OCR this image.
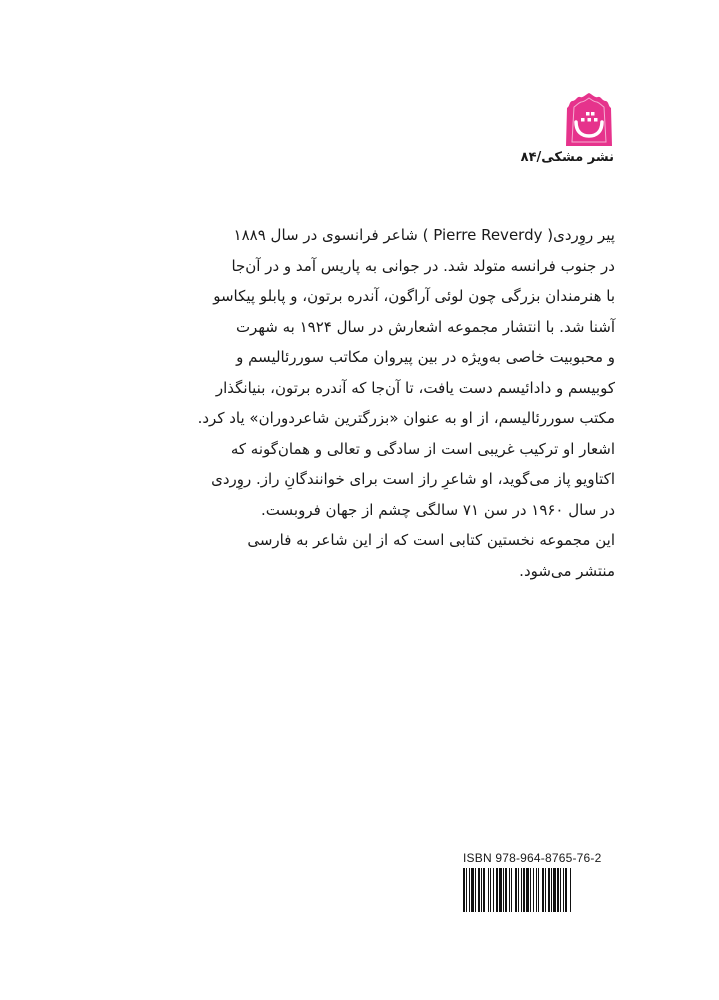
نشر مشکی/۸۴
پیر روِردی( Pierre Reverdy ) شاعر فرانسوی در سال ۱۸۸۹
در جنوب فرانسه متولد شد. در جوانی به پاریس آمد و در آن‌جا
با هنرمندان بزرگی چون لوئی آراگون، آندره برتون، و پابلو پیکاسو
آشنا شد. با انتشار مجموعه اشعارش در سال ۱۹۲۴ به شهرت
و محبوبیت خاصی به‌ویژه در بین پیروان مکاتب سوررئالیسم و
کوبیسم و دادائیسم دست یافت، تا آن‌جا که آندره برتون، بنیانگذار
مکتب سوررئالیسم، از او به عنوان «بزرگترین شاعردوران» یاد کرد.
اشعار او ترکیب غریبی است از سادگی و تعالی و همان‌گونه که
اکتاویو پاز می‌گوید، او شاعرِ راز است برای خوانندگانِ راز. روِردی
در سال ۱۹۶۰ در سن ۷۱ سالگی چشم از جهان فروبست.
این مجموعه نخستین کتابی است که از این شاعر به فارسی
منتشر می‌شود.
ISBN 978-964-8765-76-2
